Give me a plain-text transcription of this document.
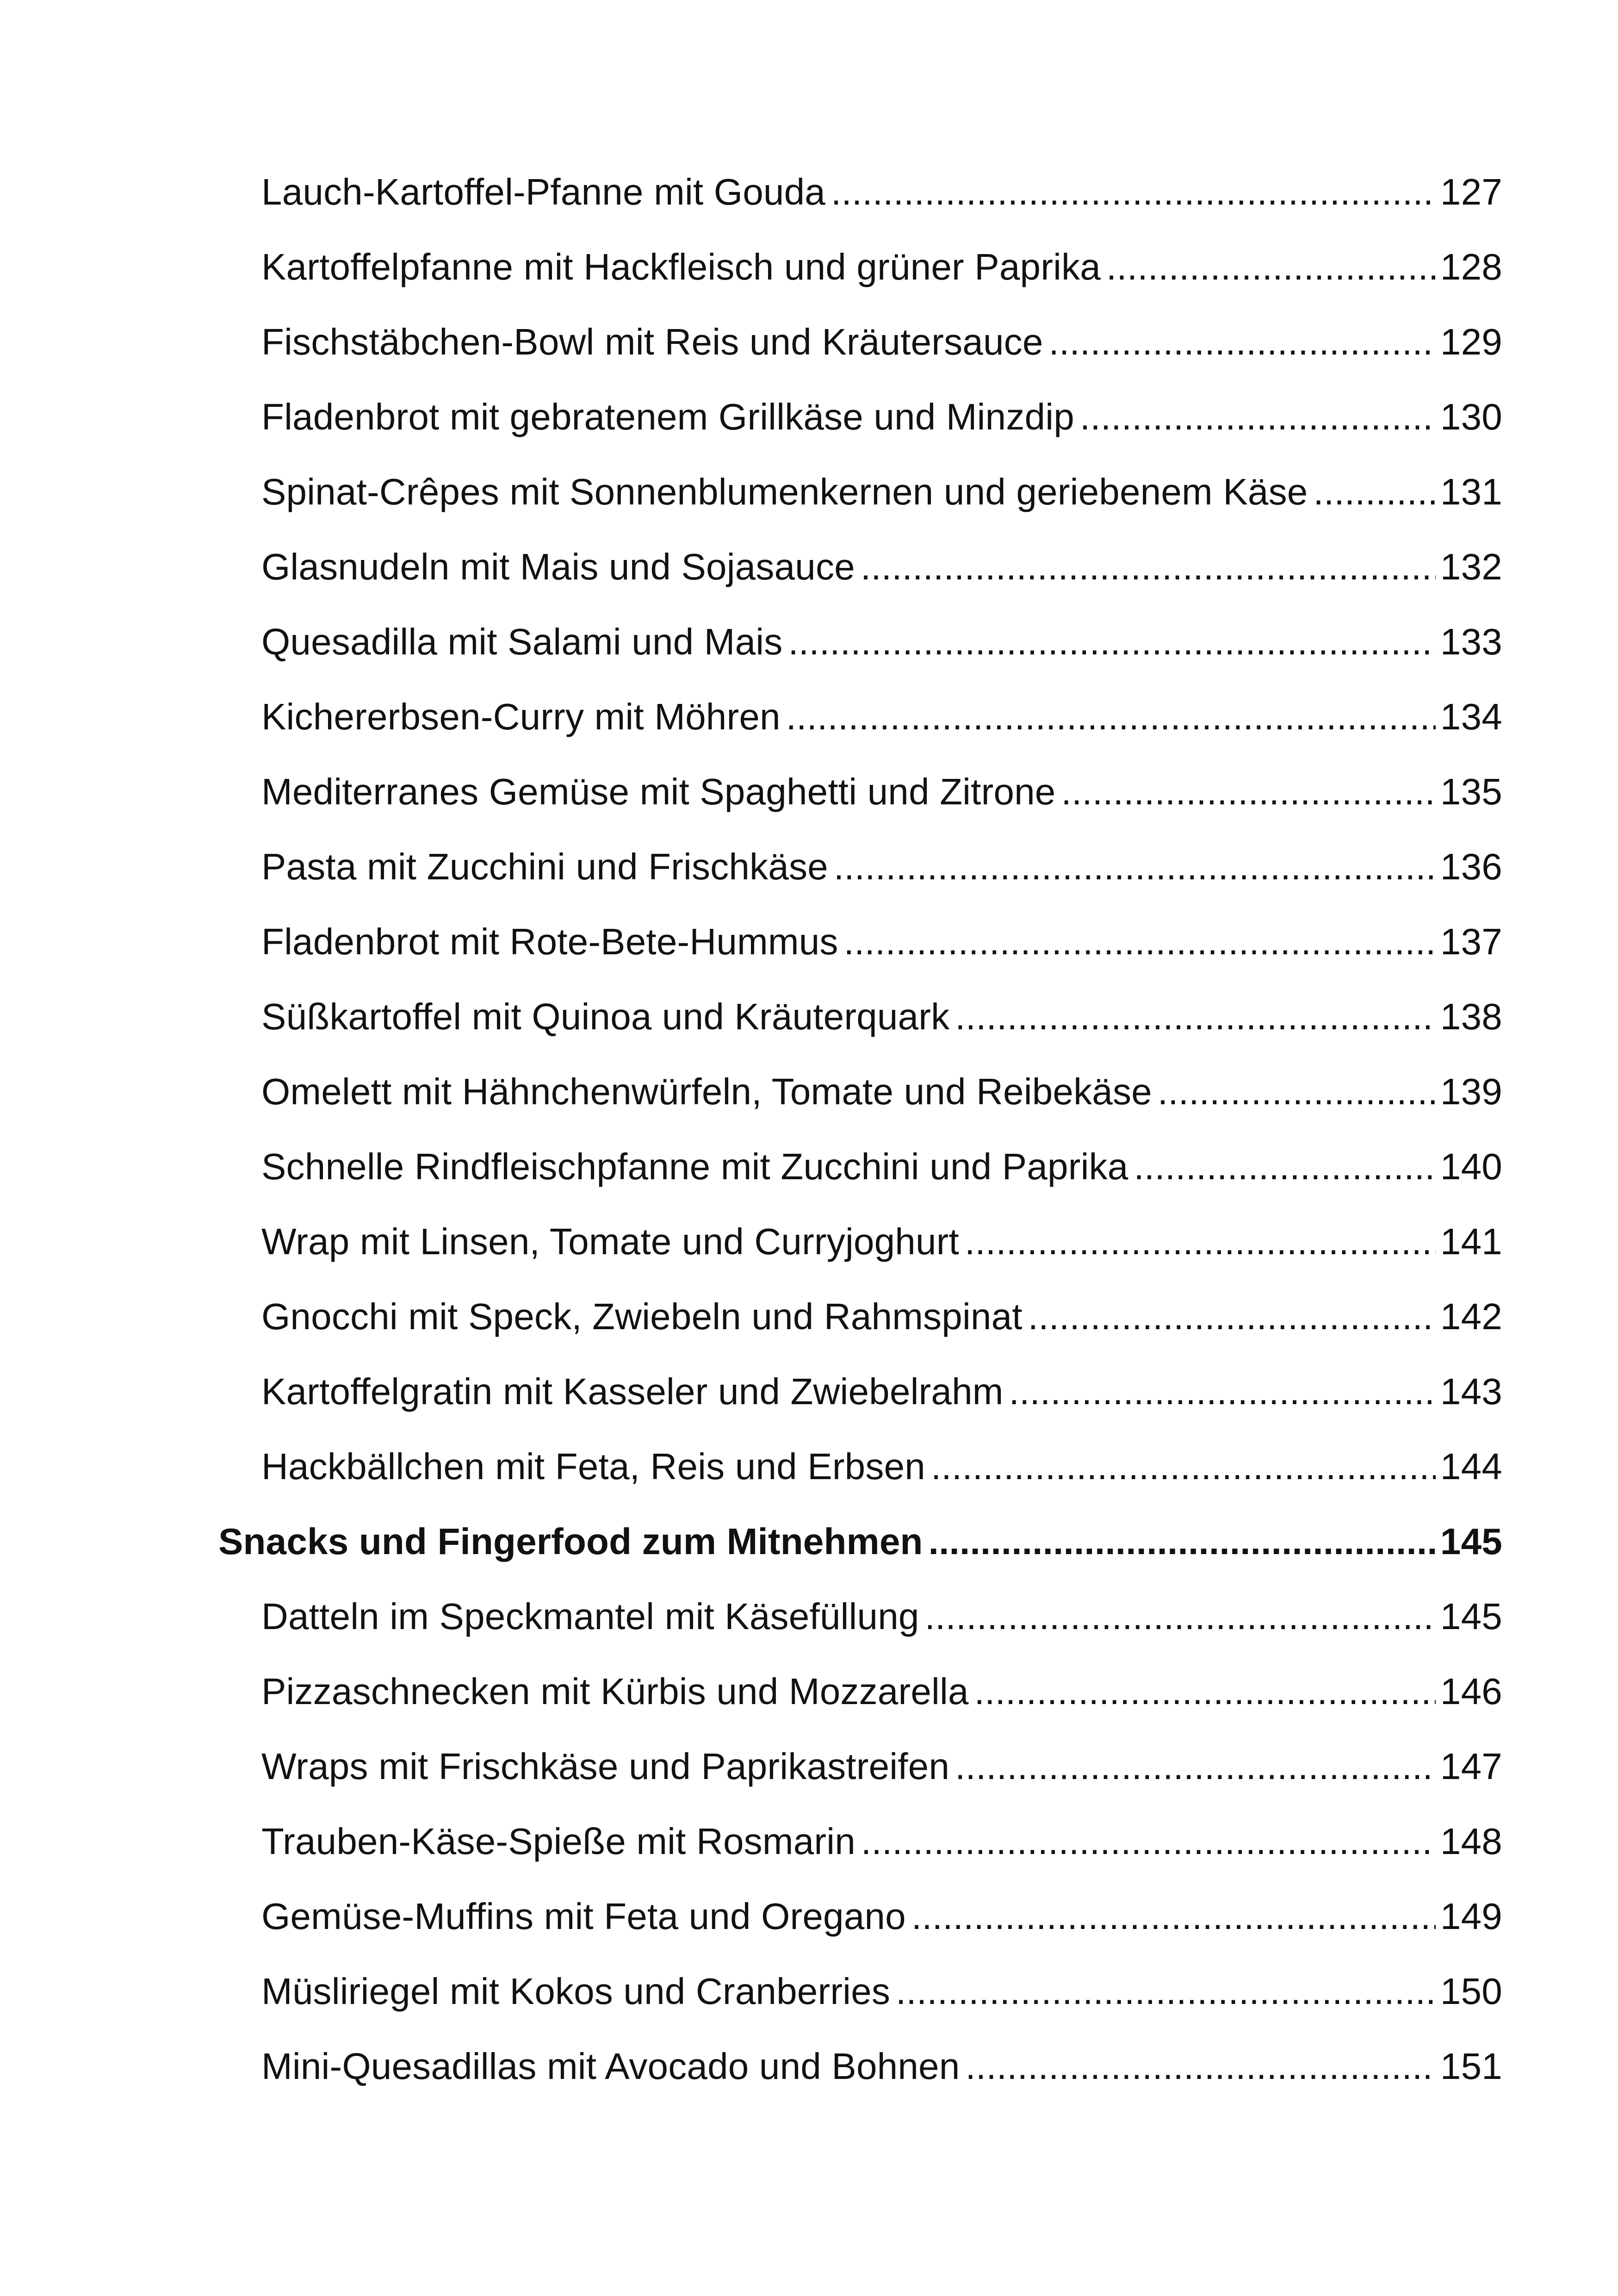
Lauch-Kartoffel-Pfanne mit Gouda . . .	127
Kartoffelpfanne mit Hackfleisch und grüner Paprika . . .	128
Fischstäbchen-Bowl mit Reis und Kräutersauce . . .	129
Fladenbrot mit gebratenem Grillkäse und Minzdip . . .	130
Spinat-Crêpes mit Sonnenblumenkernen und geriebenem Käse . . .	131
Glasnudeln mit Mais und Sojasauce . . .	132
Quesadilla mit Salami und Mais . . .	133
Kichererbsen-Curry mit Möhren . . .	134
Mediterranes Gemüse mit Spaghetti und Zitrone . . .	135
Pasta mit Zucchini und Frischkäse . . .	136
Fladenbrot mit Rote-Bete-Hummus . . .	137
Süßkartoffel mit Quinoa und Kräuterquark . . .	138
Omelett mit Hähnchenwürfeln, Tomate und Reibekäse . . .	139
Schnelle Rindfleischpfanne mit Zucchini und Paprika . . .	140
Wrap mit Linsen, Tomate und Curryjoghurt . . .	141
Gnocchi mit Speck, Zwiebeln und Rahmspinat . . .	142
Kartoffelgratin mit Kasseler und Zwiebelrahm . . .	143
Hackbällchen mit Feta, Reis und Erbsen . . .	144
Snacks und Fingerfood zum Mitnehmen . . .	145
Datteln im Speckmantel mit Käsefüllung . . .	145
Pizzaschnecken mit Kürbis und Mozzarella . . .	146
Wraps mit Frischkäse und Paprikastreifen . . .	147
Trauben-Käse-Spieße mit Rosmarin . . .	148
Gemüse-Muffins mit Feta und Oregano . . .	149
Müsliriegel mit Kokos und Cranberries . . .	150
Mini-Quesadillas mit Avocado und Bohnen . . .	151
